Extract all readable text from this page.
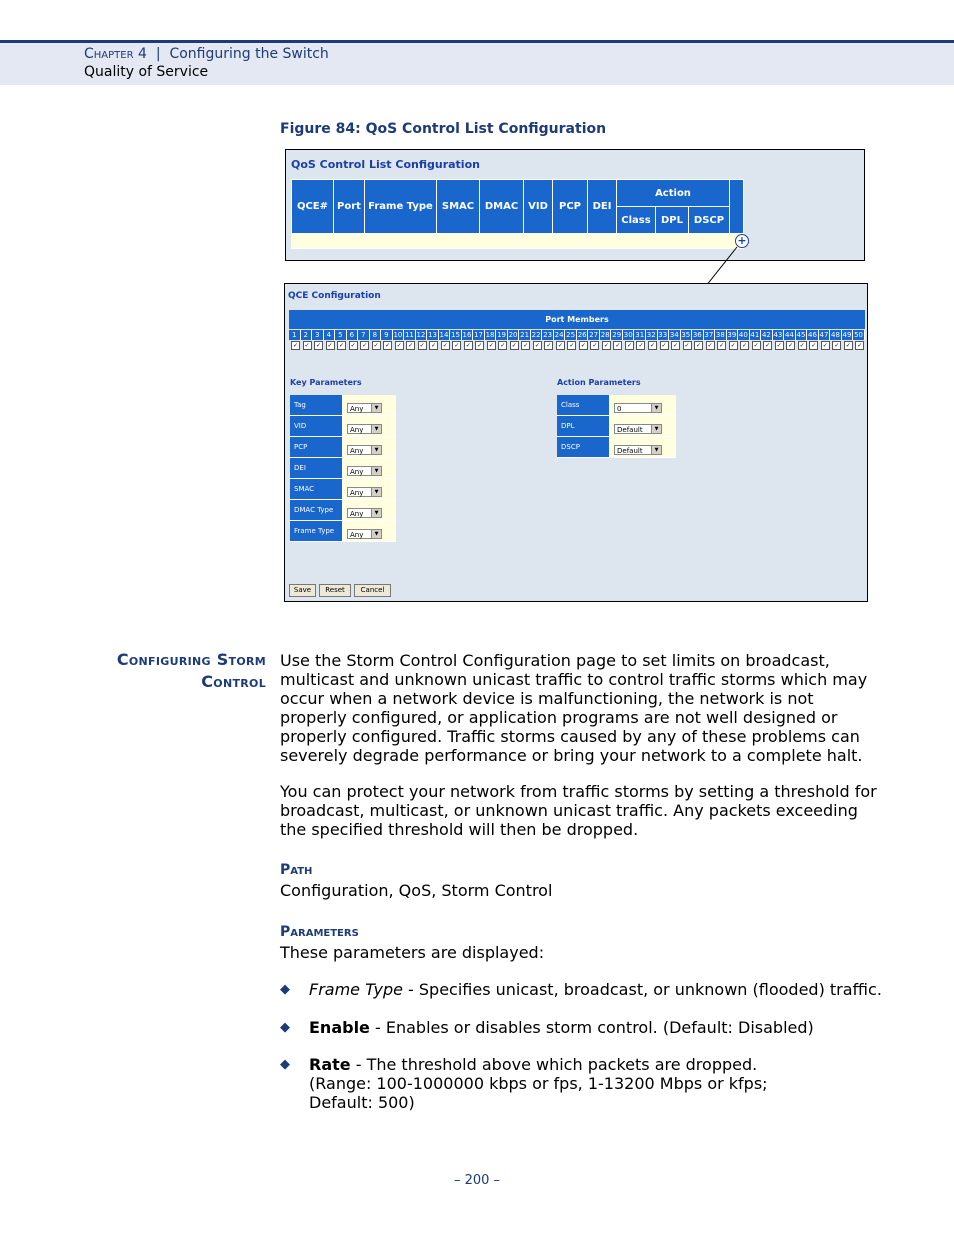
Chapter 4 | Configuring the Switch
Quality of Service
Figure 84: QoS Control List Configuration
QoS Control List Configuration
QCE#	Port	Frame Type	SMAC	DMAC	VID	PCP	DEI	Action			
								Class	DPL	DSCP	

+
QCE Configuration
Port Members
1	2	3	4	5	6	7	8	9 10 11 12 13 14 15 16 17 18 19 20 21 22 23 24 25 26 27 28 29 30 31 32 33 34 35 36 37 38 39 40 41 42 43 44 45 46 47 48 49 50
✓	✓	✓	✓	✓	✓	✓	✓	✓	✓	✓	✓	✓	✓	✓	✓	✓	✓	✓	✓	✓	✓	✓	✓	✓	✓	✓	✓	✓	✓	✓	✓	✓	✓	✓	✓	✓	✓	✓	✓	✓	✓	✓	✓	✓	✓	✓	✓	✓	✓
Key Parameters
Tag	Any ▼

VID	Any ▼

PCP	Any ▼

DEI	Any ▼

SMAC	Any ▼

DMAC Type	Any ▼

Frame Type	Any ▼
Action Parameters
Class	0 ▼

DPL	Default ▼

DSCP	Default ▼
Save	Reset	Cancel
Configuring Storm
Control
Use the Storm Control Configuration page to set limits on broadcast, multicast and unknown unicast traffic to control traffic storms which may occur when a network device is malfunctioning, the network is not properly configured, or application programs are not well designed or properly configured. Traffic storms caused by any of these problems can severely degrade performance or bring your network to a complete halt.
You can protect your network from traffic storms by setting a threshold for broadcast, multicast, or unknown unicast traffic. Any packets exceeding the specified threshold will then be dropped.
Path
Configuration, QoS, Storm Control
Parameters
These parameters are displayed:
◆ Frame Type - Specifies unicast, broadcast, or unknown (flooded) traffic.
◆ Enable - Enables or disables storm control. (Default: Disabled)
◆ Rate - The threshold above which packets are dropped.
(Range: 100-1000000 kbps or fps, 1-13200 Mbps or kfps;
Default: 500)
– 200 –
